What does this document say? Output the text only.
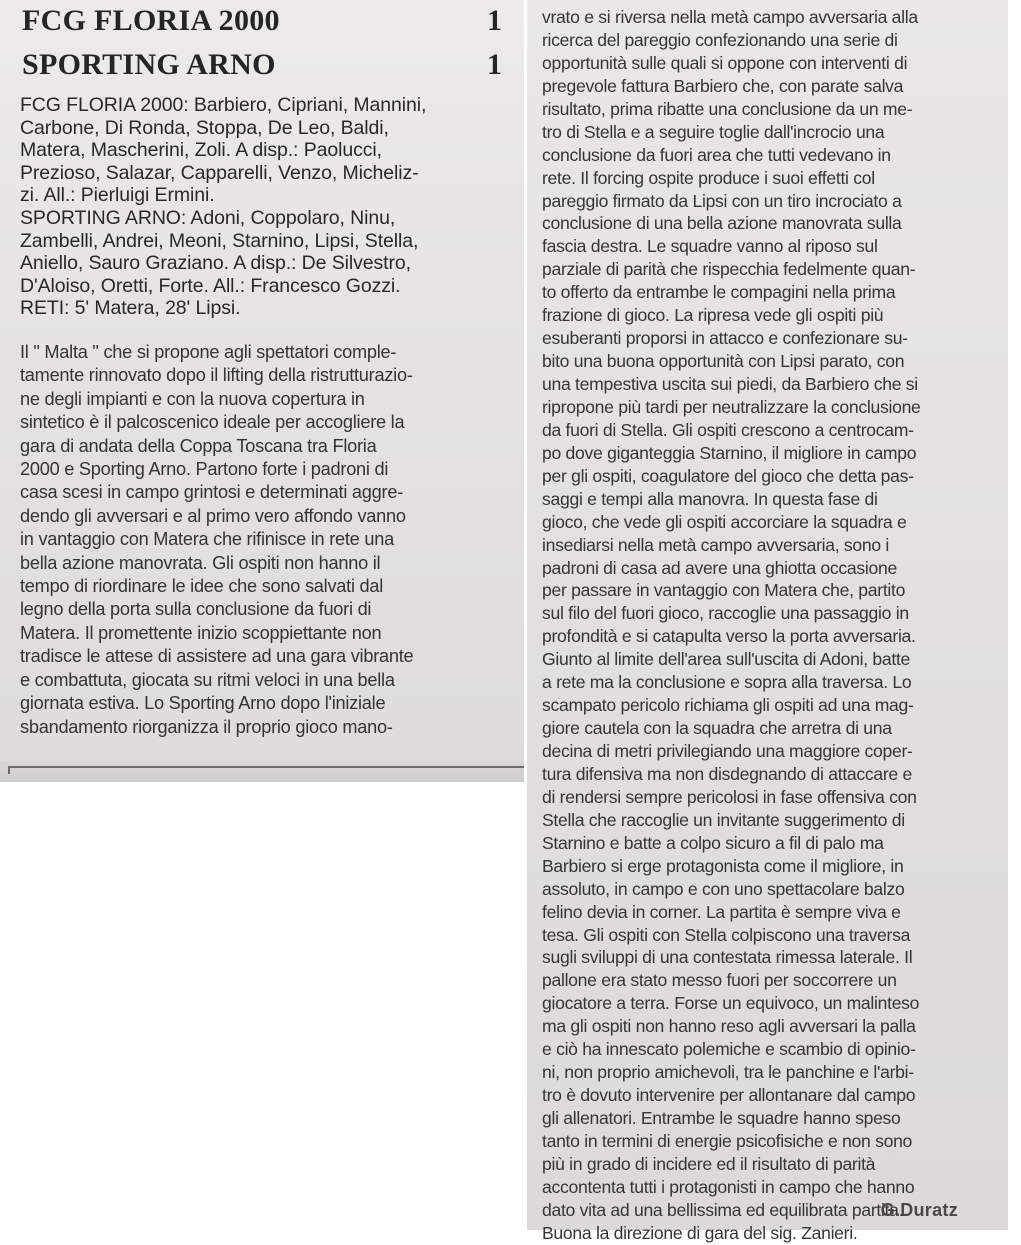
FCG FLORIA 2000	1
SPORTING ARNO	1
FCG FLORIA 2000: Barbiero, Cipriani, Mannini,
Carbone, Di Ronda, Stoppa, De Leo, Baldi,
Matera, Mascherini, Zoli. A disp.: Paolucci,
Prezioso, Salazar, Capparelli, Venzo, Micheliz-
zi. All.: Pierluigi Ermini.
SPORTING ARNO: Adoni, Coppolaro, Ninu,
Zambelli, Andrei, Meoni, Starnino, Lipsi, Stella,
Aniello, Sauro Graziano. A disp.: De Silvestro,
D'Aloiso, Oretti, Forte. All.: Francesco Gozzi.
RETI: 5' Matera, 28' Lipsi.
Il " Malta " che si propone agli spettatori comple-
tamente rinnovato dopo il lifting della ristrutturazio-
ne degli impianti e con la nuova copertura in
sintetico è il palcoscenico ideale per accogliere la
gara di andata della Coppa Toscana tra Floria
2000 e Sporting Arno. Partono forte i padroni di
casa scesi in campo grintosi e determinati aggre-
dendo gli avversari e al primo vero affondo vanno
in vantaggio con Matera che rifinisce in rete una
bella azione manovrata. Gli ospiti non hanno il
tempo di riordinare le idee che sono salvati dal
legno della porta sulla conclusione da fuori di
Matera. Il promettente inizio scoppiettante non
tradisce le attese di assistere ad una gara vibrante
e combattuta, giocata su ritmi veloci in una bella
giornata estiva. Lo Sporting Arno dopo l'iniziale
sbandamento riorganizza il proprio gioco mano-
vrato e si riversa nella metà campo avversaria alla
ricerca del pareggio confezionando una serie di
opportunità sulle quali si oppone con interventi di
pregevole fattura Barbiero che, con parate salva
risultato, prima ribatte una conclusione da un me-
tro di Stella e a seguire toglie dall'incrocio una
conclusione da fuori area che tutti vedevano in
rete. Il forcing ospite produce i suoi effetti col
pareggio firmato da Lipsi con un tiro incrociato a
conclusione di una bella azione manovrata sulla
fascia destra. Le squadre vanno al riposo sul
parziale di parità che rispecchia fedelmente quan-
to offerto da entrambe le compagini nella prima
frazione di gioco. La ripresa vede gli ospiti più
esuberanti proporsi in attacco e confezionare su-
bito una buona opportunità con Lipsi parato, con
una tempestiva uscita sui piedi, da Barbiero che si
ripropone più tardi per neutralizzare la conclusione
da fuori di Stella. Gli ospiti crescono a centrocam-
po dove giganteggia Starnino, il migliore in campo
per gli ospiti, coagulatore del gioco che detta pas-
saggi e tempi alla manovra. In questa fase di
gioco, che vede gli ospiti accorciare la squadra e
insediarsi nella metà campo avversaria, sono i
padroni di casa ad avere una ghiotta occasione
per passare in vantaggio con Matera che, partito
sul filo del fuori gioco, raccoglie una passaggio in
profondità e si catapulta verso la porta avversaria.
Giunto al limite dell'area sull'uscita di Adoni, batte
a rete ma la conclusione e sopra alla traversa. Lo
scampato pericolo richiama gli ospiti ad una mag-
giore cautela con la squadra che arretra di una
decina di metri privilegiando una maggiore coper-
tura difensiva ma non disdegnando di attaccare e
di rendersi sempre pericolosi in fase offensiva con
Stella che raccoglie un invitante suggerimento di
Starnino e batte a colpo sicuro a fil di palo ma
Barbiero si erge protagonista come il migliore, in
assoluto, in campo e con uno spettacolare balzo
felino devia in corner. La partita è sempre viva e
tesa. Gli ospiti con Stella colpiscono una traversa
sugli sviluppi di una contestata rimessa laterale. Il
pallone era stato messo fuori per soccorrere un
giocatore a terra. Forse un equivoco, un malinteso
ma gli ospiti non hanno reso agli avversari la palla
e ciò ha innescato polemiche e scambio di opinio-
ni, non proprio amichevoli, tra le panchine e l'arbi-
tro è dovuto intervenire per allontanare dal campo
gli allenatori. Entrambe le squadre hanno speso
tanto in termini di energie psicofisiche e non sono
più in grado di incidere ed il risultato di parità
accontenta tutti i protagonisti in campo che hanno
dato vita ad una bellissima ed equilibrata partita.
Buona la direzione di gara del sig. Zanieri.
G.Duratz
